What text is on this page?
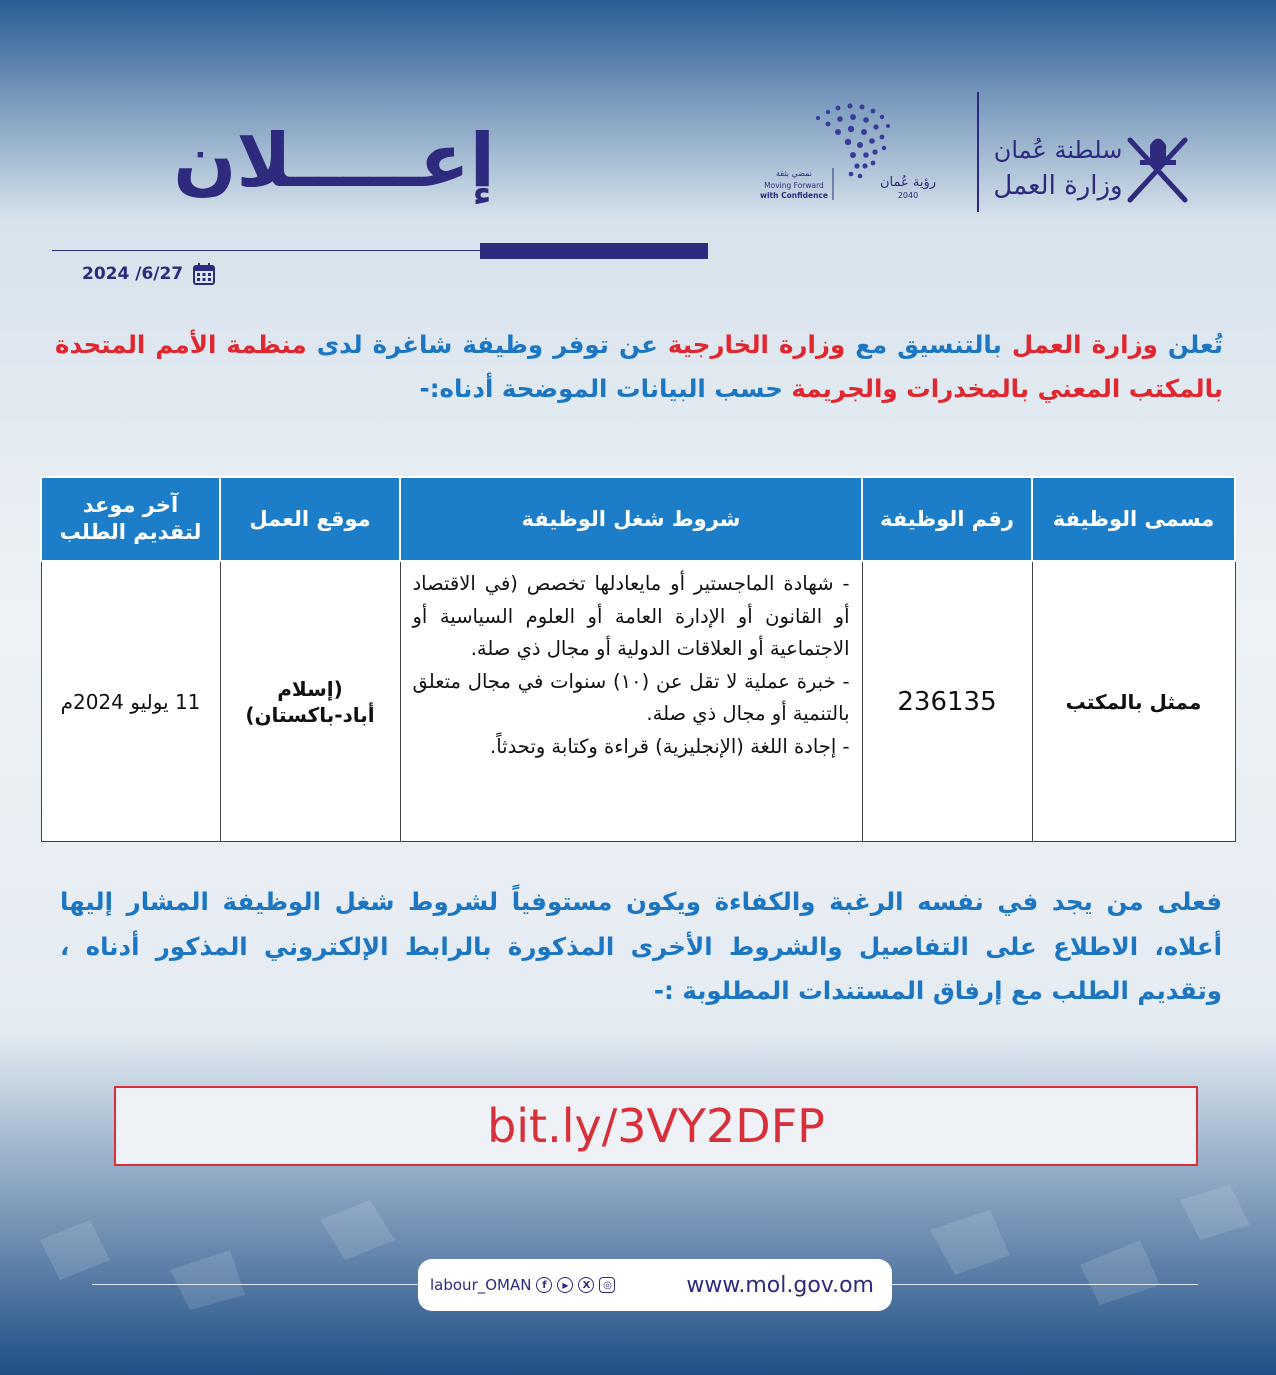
إعـــــلان
2024 /6/27
رؤية عُمان
2040
نمضي بثقة
Moving Forward
with Confidence
سلطنة عُمان
وزارة العمل
تُعلن وزارة العمل بالتنسيق مع وزارة الخارجية عن توفر وظيفة شاغرة لدى منظمة الأمم المتحدة بالمكتب المعني بالمخدرات والجريمة حسب البيانات الموضحة أدناه:-
مسمى الوظيفة	رقم الوظيفة	شروط شغل الوظيفة	موقع العمل	آخر موعد
لتقديم الطلب

ممثل بالمكتب	236135	- شهادة الماجستير أو مايعادلها تخصص (في الاقتصاد أو القانون أو الإدارة العامة أو العلوم السياسية أو الاجتماعية أو العلاقات الدولية أو مجال ذي صلة.
- خبرة عملية لا تقل عن (١٠) سنوات في مجال متعلق بالتنمية أو مجال ذي صلة.
- إجادة اللغة (الإنجليزية) قراءة وكتابة وتحدثاً.	(إسلام
أباد-باكستان)	11 يوليو 2024م
فعلى من يجد في نفسه الرغبة والكفاءة ويكون مستوفياً لشروط شغل الوظيفة المشار إليها أعلاه، الاطلاع على التفاصيل والشروط الأخرى المذكورة بالرابط الإلكتروني المذكور أدناه ، وتقديم الطلب مع إرفاق المستندات المطلوبة :-
bit.ly/3VY2DFP
labour_OMAN	f	▶	X	◎	www.mol.gov.om
